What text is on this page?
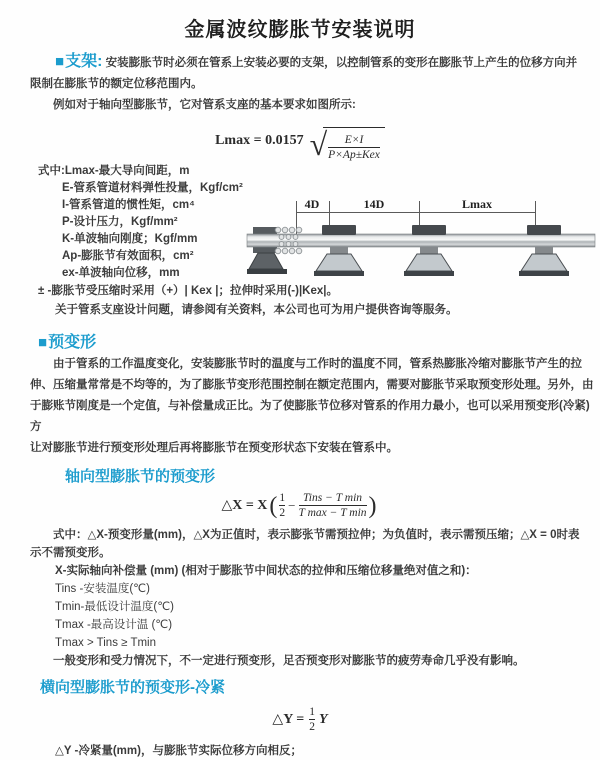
金属波纹膨胀节安装说明
■支架: 安装膨胀节时必须在管系上安装必要的支架，以控制管系的变形在膨胀节上产生的位移方向并
限制在膨胀节的额定位移范围内。
例如对于轴向型膨胀节，它对管系支座的基本要求如图所示:
Lmax = 0.0157 √ $\frac{E\times I}{\text{P×Ap±Kex}}$
式中:Lmax-最大导向间距，m
E-管系管道材料弹性投量，Kgf/cm²
I-管系管道的惯性矩，cm⁴
P-设计压力，Kgf/mm²
K-单波轴向刚度；Kgf/mm
Ap-膨胀节有效面积，cm²
ex-单波轴向位移，mm
± -膨胀节受压缩时采用（+）| Kex |；拉伸时采用(-)|Kex|。
关于管系支座设计问题，请参阅有关资料，本公司也可为用户提供咨询等服务。
4D	14D	Lmax
■预变形
由于管系的工作温度变化，安装膨胀节时的温度与工作时的温度不同，管系热膨胀冷缩对膨胀节产生的拉
伸、压缩量常常是不均等的，为了膨胀节变形范围控制在额定范围内，需要对膨胀节采取预变形处理。另外，由
于膨账节刚度是一个定值，与补偿量成正比。为了使膨胀节位移对管系的作用力最小，也可以采用预变形(冷紧)方
让对膨胀节进行预变形处理后再将膨胀节在预变形状态下安装在管系中。
轴向型膨胀节的预变形
△X = X ( $\frac{1}{2} - \frac{\text{Tins − T min}}{\text{T max − T min}}$ )
式中：△X-预变形量(mm)，△X为正值时，表示膨张节需预拉伸；为负值时，表示需预压缩；△X = 0时表
示不需预变形。
X-实际轴向补偿量 (mm) (相对于膨胀节中间状态的拉伸和压缩位移量绝对值之和)：
Tins -安装温度(℃)
Tmin-最低设计温度(℃)
Tmax -最高设计温 (℃)
Tmax > Tins ≥ Tmin
一般变形和受力情况下，不一定进行预变形，足否预变形对膨胀节的疲劳寿命几乎没有影响。
横向型膨胀节的预变形-冷紧
△Y = $\frac{1}{2}$ Y
△Y -冷紧量(mm)，与膨胀节实际位移方向相反；
